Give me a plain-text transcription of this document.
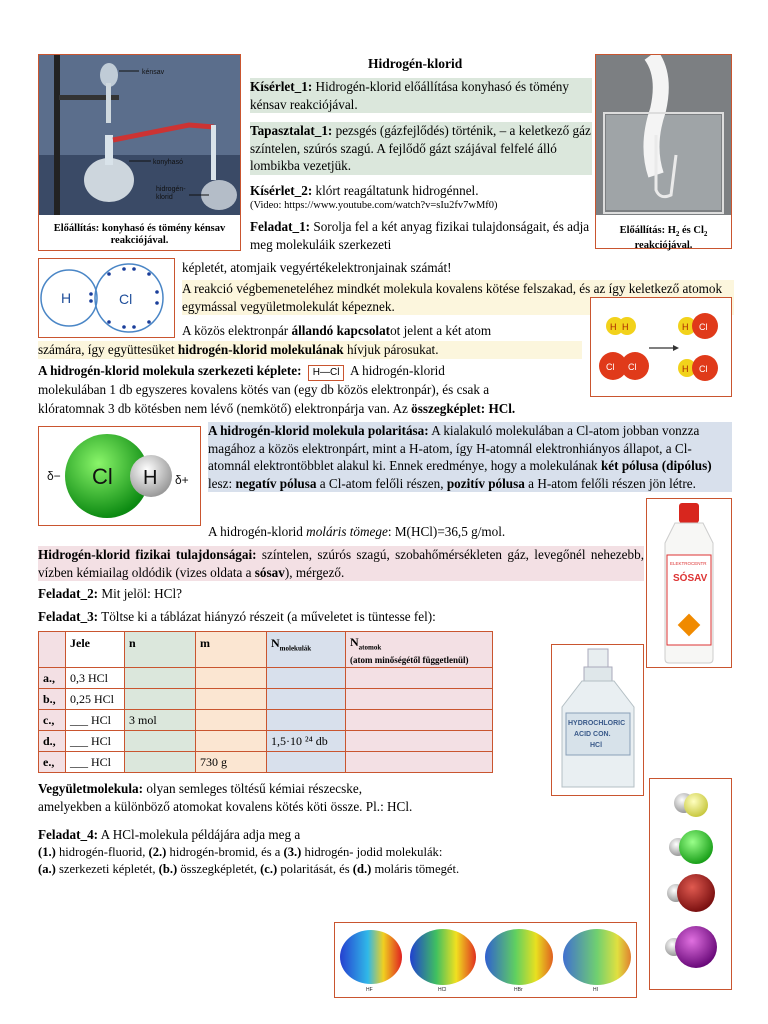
Hidrogén-klorid
kénsav
konyhasó
hidrogén-
klorid
Előállítás: konyhasó és tömény kénsav reakciójával.
Kísérlet_1: Hidrogén-klorid előállítása konyhasó és tömény kénsav reakciójával.
Tapasztalat_1: pezsgés (gázfejlődés) történik, – a keletkező gáz színtelen, szúrós szagú. A fejlődő gázt szájával felfelé álló lombikba vezetjük.
Kísérlet_2: klórt reagáltatunk hidrogénnel.
(Video: https://www.youtube.com/watch?v=sIu2fv7wMf0)
Feladat_1: Sorolja fel a két anyag fizikai tulajdonságait, és adja meg molekuláik szerkezeti
képletét, atomjaik vegyértékelektronjainak számát!
Előállítás: $H_2$ és $Cl_2$ reakciójával.
H	Cl
A reakció végbemeneteléhez mindkét molekula kovalens kötése felszakad, és az így keletkező atomok egymással vegyületmolekulát képeznek.
A közös elektronpár állandó kapcsolatot jelent a két atom
számára, így együttesüket hidrogén-klorid molekulának hívjuk párosukat.
H H
Cl Cl
H Cl
H Cl
A hidrogén-klorid molekula szerkezeti képlete: H—Cl A hidrogén-klorid
molekulában 1 db egyszeres kovalens kötés van (egy db közös elektronpár), és csak a
klóratomnak 3 db kötésben nem lévő (nemkötő) elektronpárja van. Az összegképlet: HCl.
Cl H
δ−	δ+
A hidrogén-klorid molekula polaritása: A kialakuló molekulában a Cl-atom jobban vonzza magához a közös elektronpárt, mint a H-atom, így H-atomnál elektronhiányos állapot, a Cl-atomnál elektrontöbblet alakul ki. Ennek eredménye, hogy a molekulának két pólusa (dipólus) lesz: negatív pólusa a Cl-atom felőli részen, pozitív pólusa a H-atom felőli részen jön létre.
A hidrogén-klorid moláris tömege: M(HCl)=36,5 g/mol.
Hidrogén-klorid fizikai tulajdonságai: színtelen, szúrós szagú, szobahőmérsékleten gáz, levegőnél nehezebb, vízben kémiailag oldódik (vizes oldata a sósav), mérgező.
ELEKTROCENTR
SÓSAV
Feladat_2: Mit jelöl: HCl?
Feladat_3: Töltse ki a táblázat hiányzó részeit (a műveletet is tüntesse fel):
	Jele	n	m	$N_{molekulák}$	$N_{atomok}$
(atom minőségétől függetlenül)
a.,	0,3 HCl				
b.,	0,25 HCl				
c.,	___ HCl	3 mol			
d.,	___ HCl			1,5·10 ²⁴ db	
e.,	___ HCl		730 g		
HYDROCHLORIC
ACID CON.
HCl
Vegyületmolekula: olyan semleges töltésű kémiai részecske,
amelyekben a különböző atomokat kovalens kötés köti össze. Pl.: HCl.
Feladat_4: A HCl-molekula példájára adja meg a
(1.) hidrogén-fluorid, (2.) hidrogén-bromid, és a (3.) hidrogén- jodid molekulák:
(a.) szerkezeti képletét, (b.) összegképletét, (c.) polaritását, és (d.) moláris tömegét.
HF	HCl	HBr	HI
